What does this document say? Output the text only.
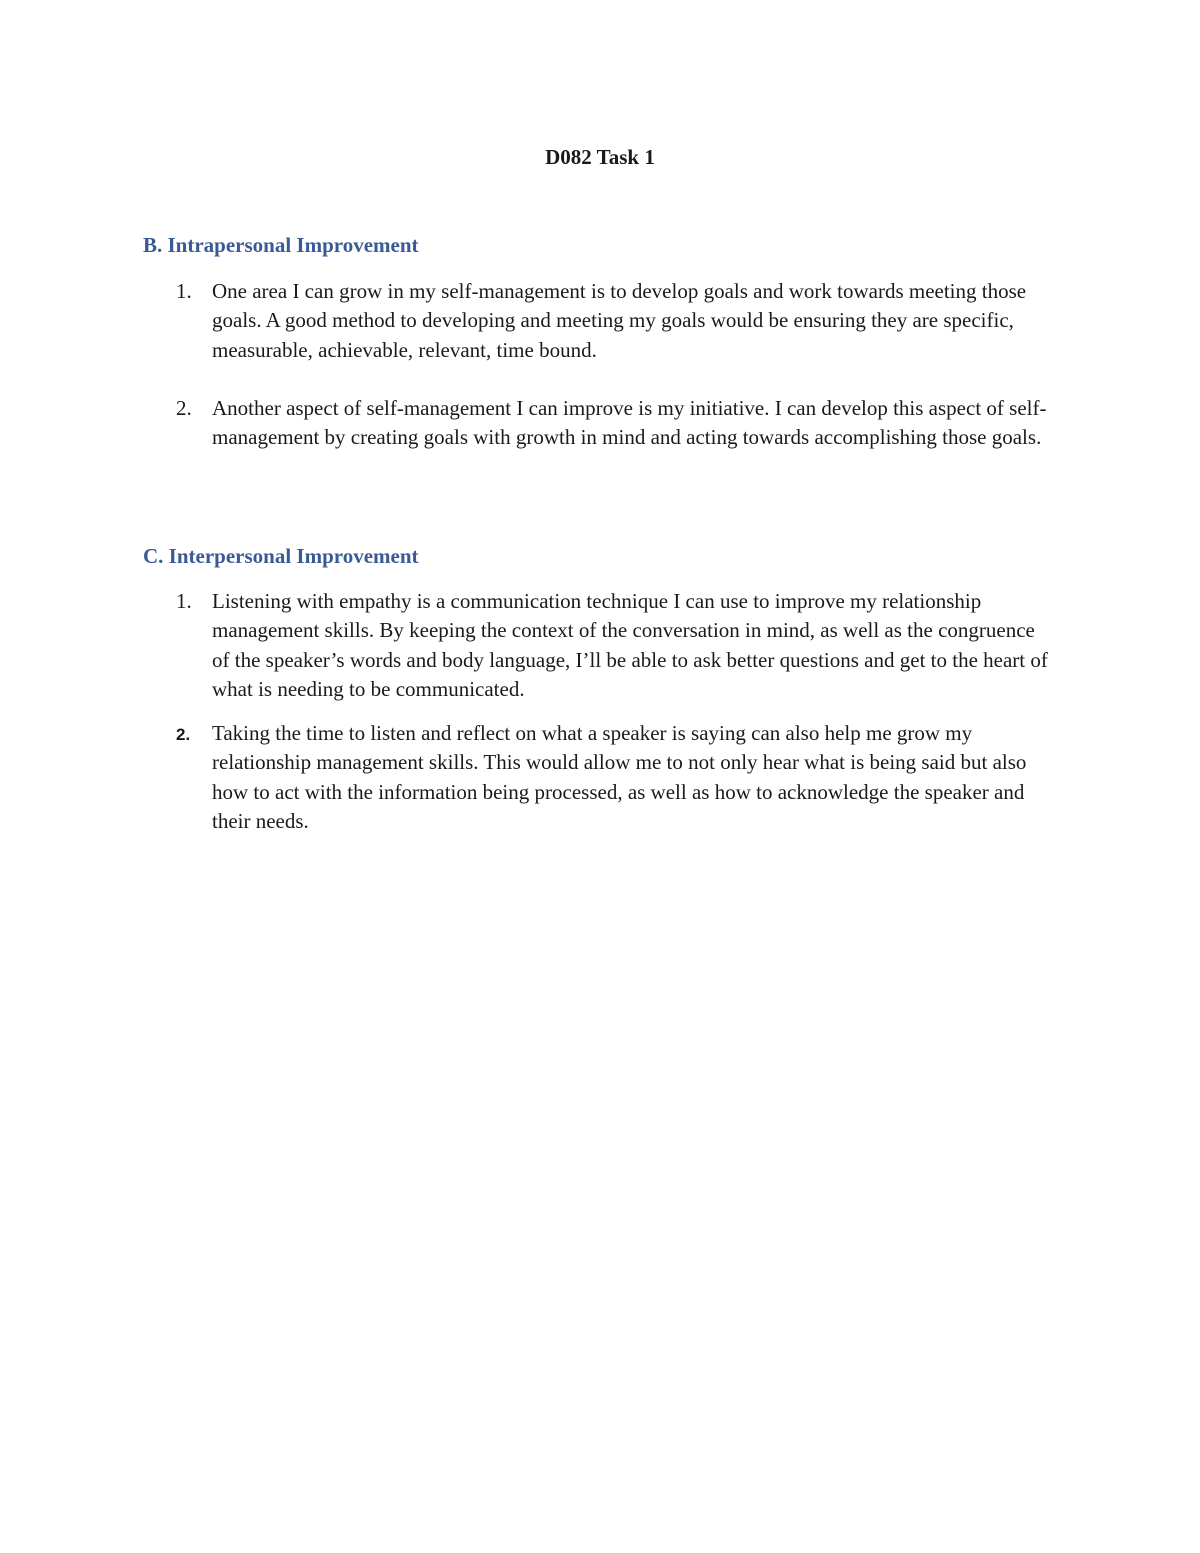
D082 Task 1
B. Intrapersonal Improvement
1. One area I can grow in my self-management is to develop goals and work towards meeting those goals. A good method to developing and meeting my goals would be ensuring they are specific, measurable, achievable, relevant, time bound.
2. Another aspect of self-management I can improve is my initiative. I can develop this aspect of self-management by creating goals with growth in mind and acting towards accomplishing those goals.
C. Interpersonal Improvement
1. Listening with empathy is a communication technique I can use to improve my relationship management skills. By keeping the context of the conversation in mind, as well as the congruence of the speaker’s words and body language, I’ll be able to ask better questions and get to the heart of what is needing to be communicated.
2.	Taking the time to listen and reflect on what a speaker is saying can also help me grow my relationship management skills. This would allow me to not only hear what is being said but also how to act with the information being processed, as well as how to acknowledge the speaker and their needs.
